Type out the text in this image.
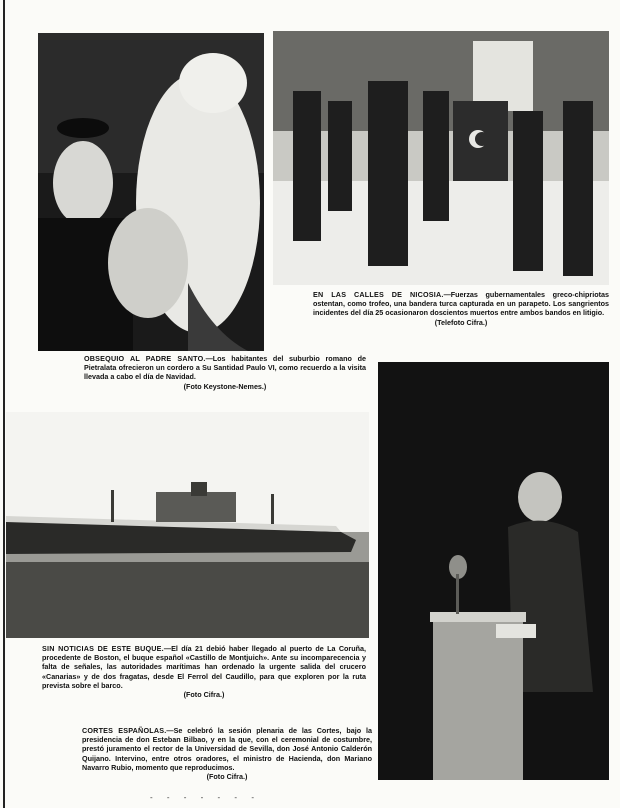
EN LAS CALLES DE NICOSIA.—Fuerzas gubernamentales greco-chipriotas ostentan, como trofeo, una bandera turca capturada en un parapeto. Los sangrientos incidentes del día 25 ocasionaron doscientos muertos entre ambos bandos en litigio.
(Telefoto Cifra.)
OBSEQUIO AL PADRE SANTO.—Los habitantes del suburbio romano de Pietralata ofrecieron un cordero a Su Santidad Paulo VI, como recuerdo a la visita llevada a cabo el día de Navidad.
(Foto Keystone-Nemes.)
SIN NOTICIAS DE ESTE BUQUE.—El día 21 debió haber llegado al puerto de La Coruña, procedente de Boston, el buque español «Castillo de Montjuich». Ante su incomparecencia y falta de señales, las autoridades marítimas han ordenado la urgente salida del crucero «Canarias» y de dos fragatas, desde El Ferrol del Caudillo, para que exploren por la ruta prevista sobre el barco.
(Foto Cifra.)
CORTES ESPAÑOLAS.—Se celebró la sesión plenaria de las Cortes, bajo la presidencia de don Esteban Bilbao, y en la que, con el ceremonial de costumbre, prestó juramento el rector de la Universidad de Sevilla, don José Antonio Calderón Quijano. Intervino, entre otros oradores, el ministro de Hacienda, don Mariano Navarro Rubio, momento que reproducimos.
(Foto Cifra.)
- - - - - - -
